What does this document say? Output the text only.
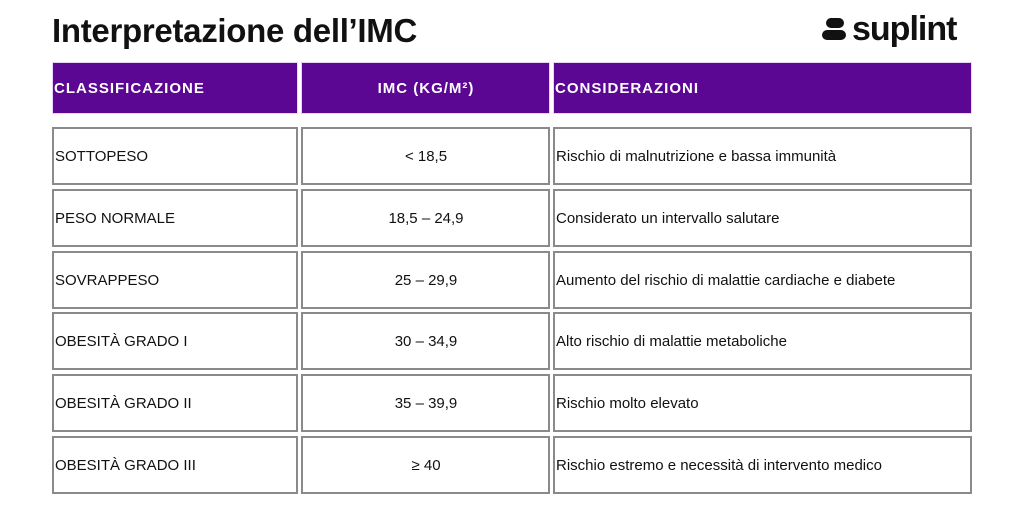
Interpretazione dell’IMC	suplint
CLASSIFICAZIONE	IMC (KG/M²)	CONSIDERAZIONI
SOTTOPESO	< 18,5	Rischio di malnutrizione e bassa immunità
PESO NORMALE	18,5 – 24,9	Considerato un intervallo salutare
SOVRAPPESO	25 – 29,9	Aumento del rischio di malattie cardiache e diabete
OBESITÀ GRADO I	30 – 34,9	Alto rischio di malattie metaboliche
OBESITÀ GRADO II	35 – 39,9	Rischio molto elevato
OBESITÀ GRADO III	≥ 40	Rischio estremo e necessità di intervento medico
